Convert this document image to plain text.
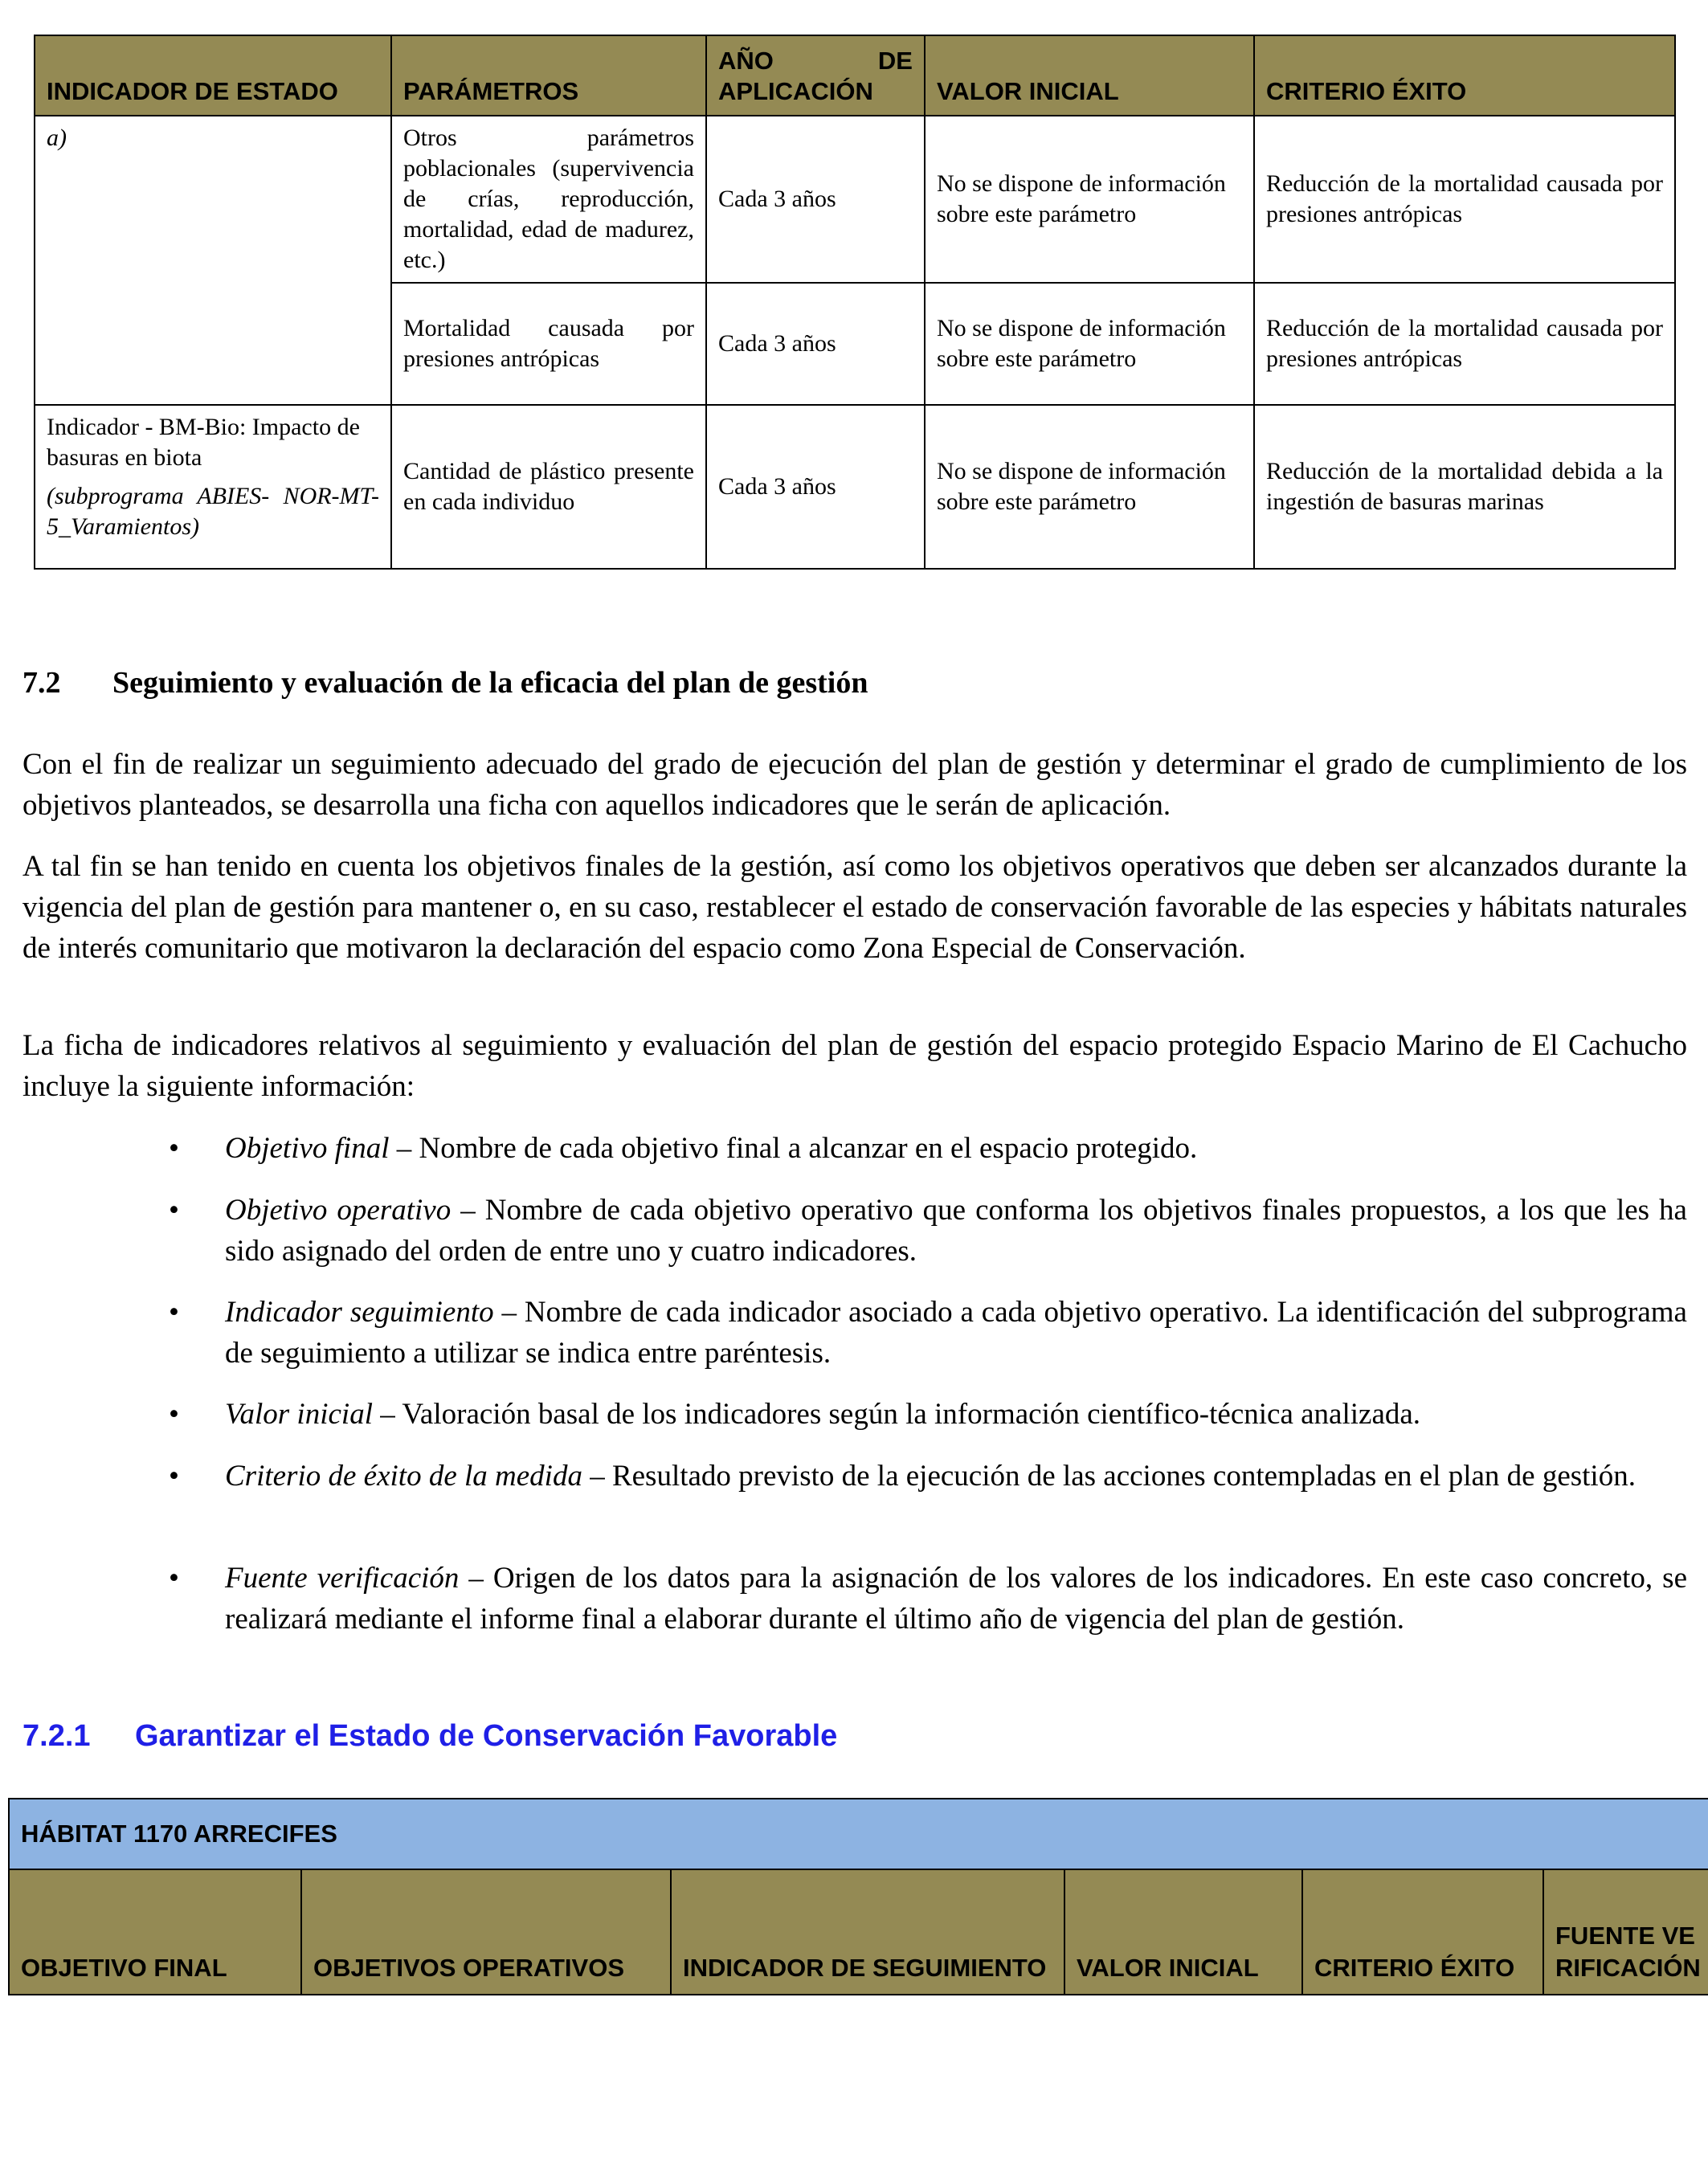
INDICADOR DE ESTADO	PARÁMETROS	AÑO DE APLICACIÓN	VALOR INICIAL	CRITERIO ÉXITO
a)	Otros parámetros poblacionales (supervivencia de crías, reproducción, mortalidad, edad de madurez, etc.)	Cada 3 años	No se dispone de información sobre este parámetro	Reducción de la mortalidad causada por presiones antrópicas
	Mortalidad causada por presiones antrópicas	Cada 3 años	No se dispone de información sobre este parámetro	Reducción de la mortalidad causada por presiones antrópicas

Indicador - BM-Bio: Impacto de basuras en biota
(subprograma ABIES- NOR-MT- 5_Varamientos)	Cantidad de plástico presente en cada individuo	Cada 3 años	No se dispone de información sobre este parámetro	Reducción de la mortalidad debida a la ingestión de basuras marinas
7.2 Seguimiento y evaluación de la eficacia del plan de gestión
Con el fin de realizar un seguimiento adecuado del grado de ejecución del plan de gestión y determinar el grado de cumplimiento de los objetivos planteados, se desarrolla una ficha con aquellos indicadores que le serán de aplicación.
A tal fin se han tenido en cuenta los objetivos finales de la gestión, así como los objetivos operativos que deben ser alcanzados durante la vigencia del plan de gestión para mantener o, en su caso, restablecer el estado de conservación favorable de las especies y hábitats naturales de interés comunitario que motivaron la declaración del espacio como Zona Especial de Conservación.
La ficha de indicadores relativos al seguimiento y evaluación del plan de gestión del espacio protegido Espacio Marino de El Cachucho incluye la siguiente información:
• Objetivo final – Nombre de cada objetivo final a alcanzar en el espacio protegido.
• Objetivo operativo – Nombre de cada objetivo operativo que conforma los objetivos finales propuestos, a los que les ha sido asignado del orden de entre uno y cuatro indicadores.
• Indicador seguimiento – Nombre de cada indicador asociado a cada objetivo operativo. La identificación del subprograma de seguimiento a utilizar se indica entre paréntesis.
• Valor inicial – Valoración basal de los indicadores según la información científico-técnica analizada.
• Criterio de éxito de la medida – Resultado previsto de la ejecución de las acciones contempladas en el plan de gestión.
• Fuente verificación – Origen de los datos para la asignación de los valores de los indicadores. En este caso concreto, se realizará mediante el informe final a elaborar durante el último año de vigencia del plan de gestión.
7.2.1 Garantizar el Estado de Conservación Favorable
HÁBITAT 1170 ARRECIFES
OBJETIVO FINAL	OBJETIVOS OPERATIVOS	INDICADOR DE SEGUIMIENTO	VALOR INICIAL	CRITERIO ÉXITO	FUENTE VERIFICACIÓN
